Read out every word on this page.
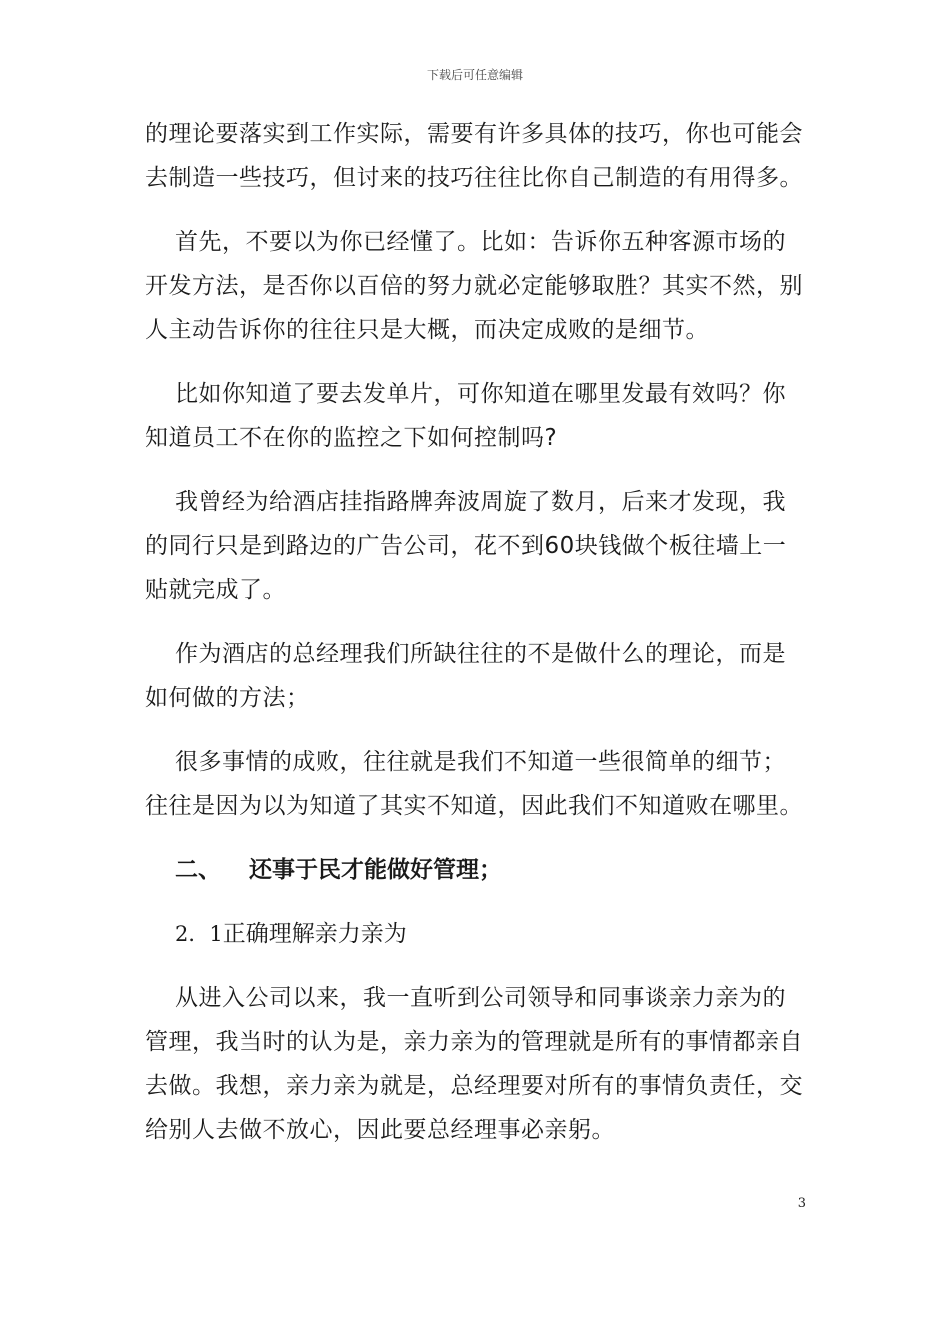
下载后可任意编辑

的理论要落实到工作实际，需要有许多具体的技巧，你也可能会去制造一些技巧，但讨来的技巧往往比你自己制造的有用得多。

首先，不要以为你已经懂了。比如：告诉你五种客源市场的开发方法，是否你以百倍的努力就必定能够取胜？其实不然，别人主动告诉你的往往只是大概，而决定成败的是细节。

比如你知道了要去发单片，可你知道在哪里发最有效吗？你知道员工不在你的监控之下如何控制吗?

我曾经为给酒店挂指路牌奔波周旋了数月，后来才发现，我的同行只是到路边的广告公司，花不到60块钱做个板往墙上一贴就完成了。

作为酒店的总经理我们所缺往往的不是做什么的理论，而是如何做的方法；

很多事情的成败，往往就是我们不知道一些很简单的细节；往往是因为以为知道了其实不知道，因此我们不知道败在哪里。

二、 还事于民才能做好管理；
2．1正确理解亲力亲为

从进入公司以来，我一直听到公司领导和同事谈亲力亲为的管理，我当时的认为是，亲力亲为的管理就是所有的事情都亲自去做。我想，亲力亲为就是，总经理要对所有的事情负责任，交给别人去做不放心，因此要总经理事必亲躬。

3
